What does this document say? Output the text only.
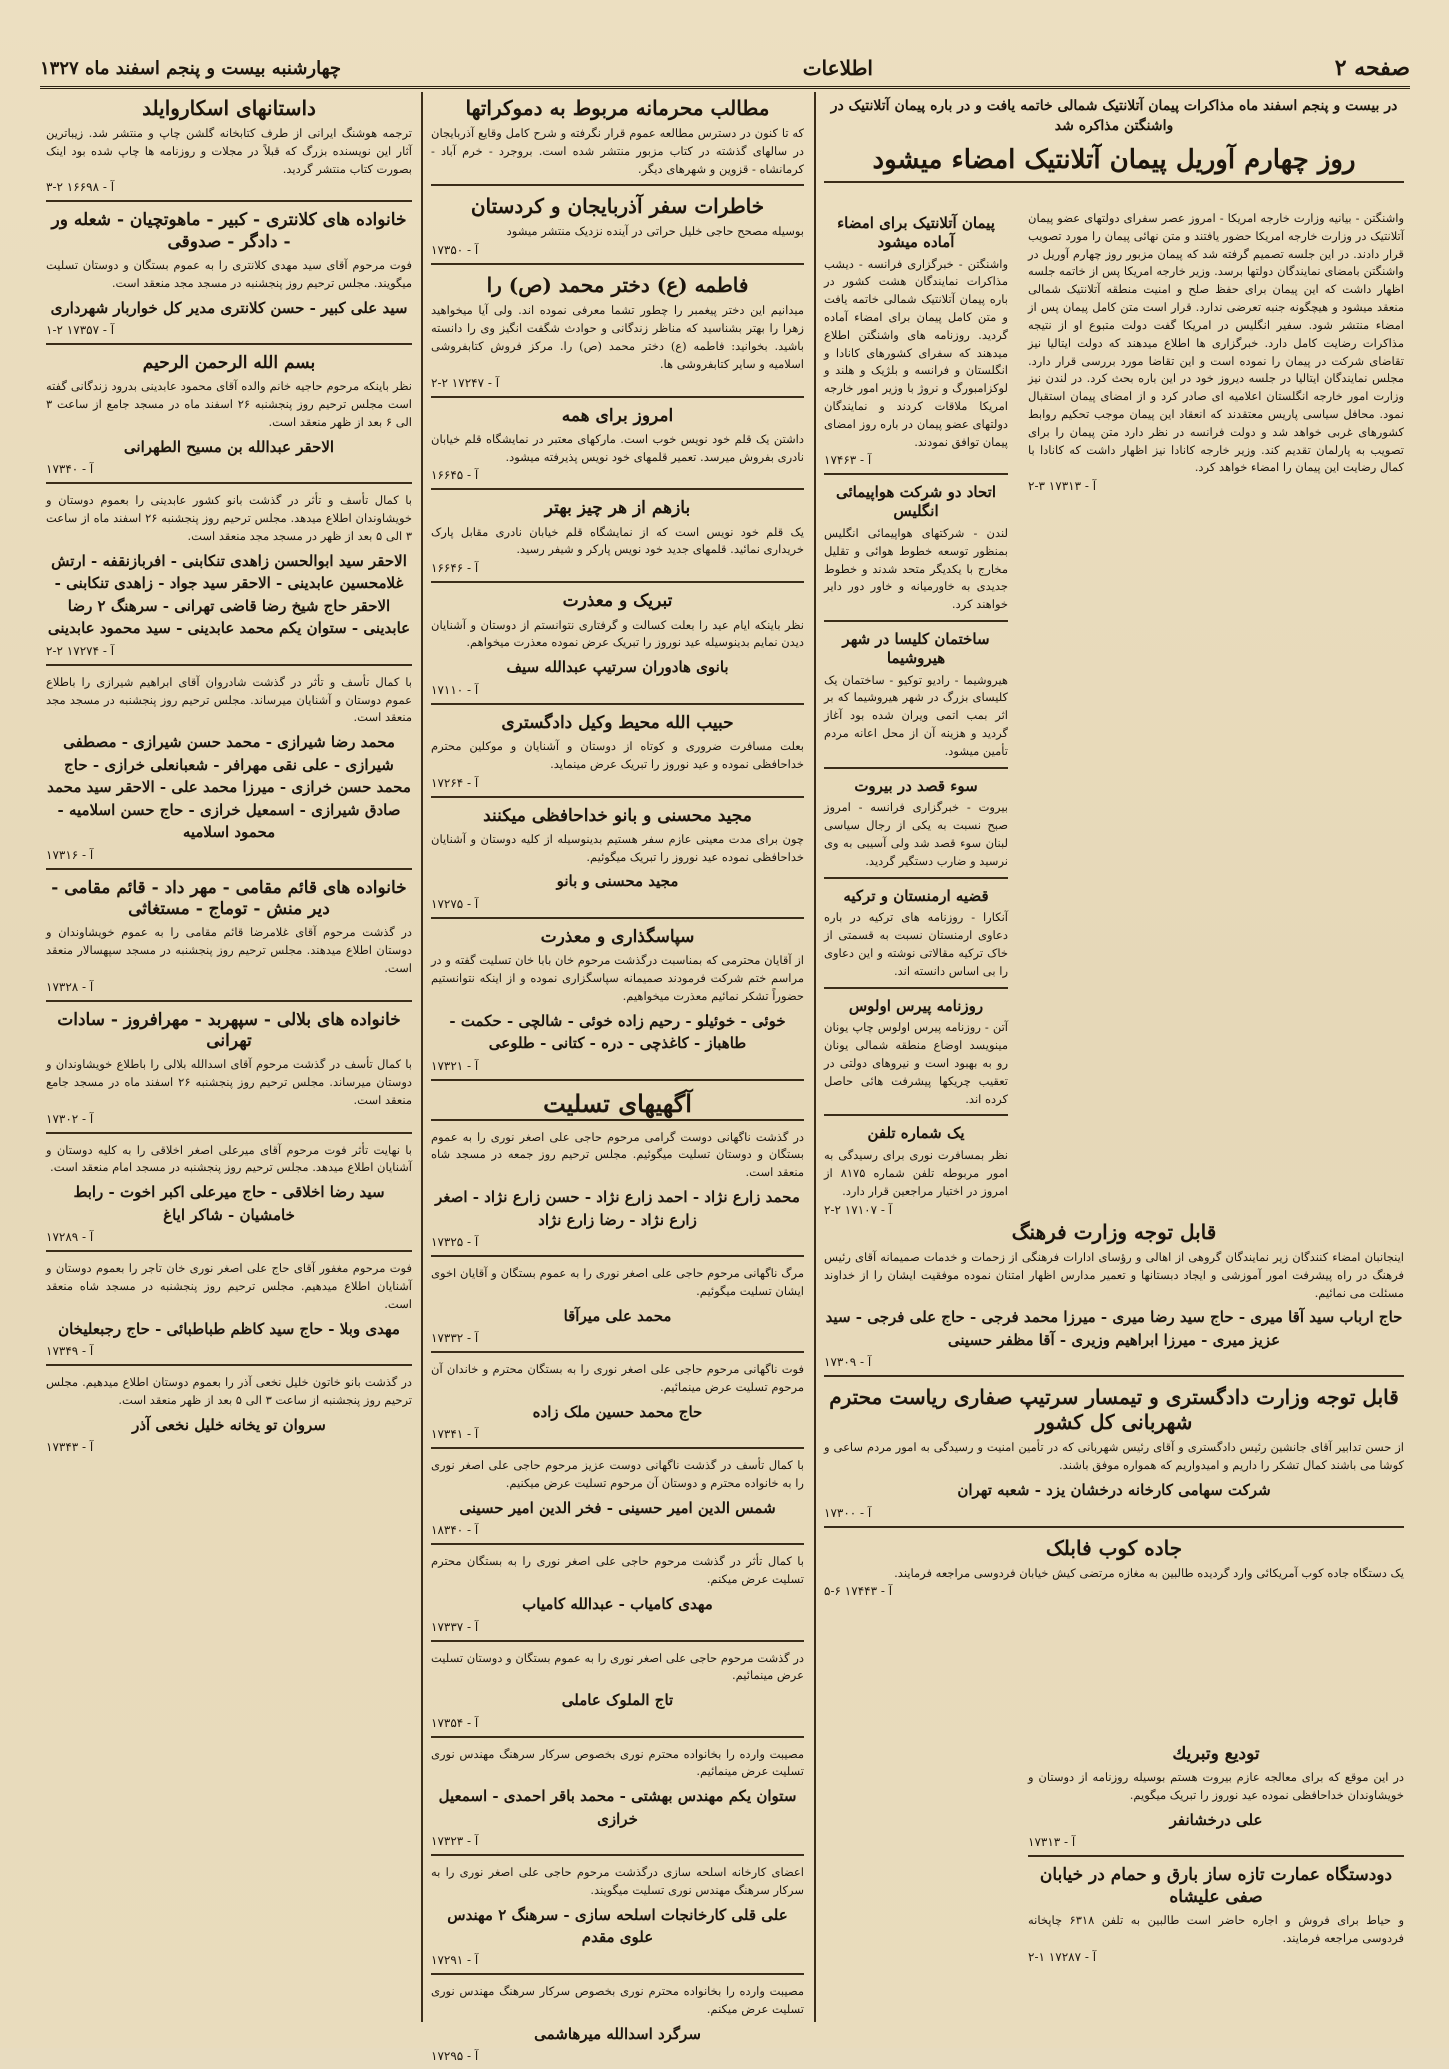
صفحه ۲
اطلاعات
چهارشنبه بیست و پنجم اسفند ماه ۱۳۲۷
در بیست و پنجم اسفند ماه مذاکرات پیمان آتلانتیک شمالی خاتمه یافت و در باره پیمان آتلانتیک در واشنگتن مذاکره شد
روز چهارم آوریل پیمان آتلانتیک امضاء میشود
واشنگتن - بیانیه وزارت خارجه امریکا - امروز عصر سفرای دولتهای عضو پیمان آتلانتیک در وزارت خارجه امریکا حضور یافتند و متن نهائی پیمان را مورد تصویب قرار دادند. در این جلسه تصمیم گرفته شد که پیمان مزبور روز چهارم آوریل در واشنگتن بامضای نمایندگان دولتها برسد. وزیر خارجه امریکا پس از خاتمه جلسه اظهار داشت که این پیمان برای حفظ صلح و امنیت منطقه آتلانتیک شمالی منعقد میشود و هیچگونه جنبه تعرضی ندارد. قرار است متن کامل پیمان پس از امضاء منتشر شود. سفیر انگلیس در امریکا گفت دولت متبوع او از نتیجه مذاکرات رضایت کامل دارد. خبرگزاری ها اطلاع میدهند که دولت ایتالیا نیز تقاضای شرکت در پیمان را نموده است و این تقاضا مورد بررسی قرار دارد. مجلس نمایندگان ایتالیا در جلسه دیروز خود در این باره بحث کرد. در لندن نیز وزارت امور خارجه انگلستان اعلامیه ای صادر کرد و از امضای پیمان استقبال نمود. محافل سیاسی پاریس معتقدند که انعقاد این پیمان موجب تحکیم روابط کشورهای غربی خواهد شد و دولت فرانسه در نظر دارد متن پیمان را برای تصویب به پارلمان تقدیم کند. وزیر خارجه کانادا نیز اظهار داشت که کانادا با کمال رضایت این پیمان را امضاء خواهد کرد.
آ - ۱۷۳۱۳ ۳-۲
پیمان آتلانتیک برای امضاء آماده میشود
واشنگتن - خبرگزاری فرانسه - دیشب مذاکرات نمایندگان هشت کشور در باره پیمان آتلانتیک شمالی خاتمه یافت و متن کامل پیمان برای امضاء آماده گردید. روزنامه های واشنگتن اطلاع میدهند که سفرای کشورهای کانادا و انگلستان و فرانسه و بلژیک و هلند و لوکزامبورگ و نروژ با وزیر امور خارجه امریکا ملاقات کردند و نمایندگان دولتهای عضو پیمان در باره روز امضای پیمان توافق نمودند.
آ - ۱۷۴۶۳
اتحاد دو شرکت هواپیمائی انگلیس
لندن - شرکتهای هواپیمائی انگلیس بمنظور توسعه خطوط هوائی و تقلیل مخارج با یکدیگر متحد شدند و خطوط جدیدی به خاورمیانه و خاور دور دایر خواهند کرد.
ساختمان کلیسا در شهر هیروشیما
هیروشیما - رادیو توکیو - ساختمان یک کلیسای بزرگ در شهر هیروشیما که بر اثر بمب اتمی ویران شده بود آغاز گردید و هزینه آن از محل اعانه مردم تأمین میشود.
سوء قصد در بیروت
بیروت - خبرگزاری فرانسه - امروز صبح نسبت به یکی از رجال سیاسی لبنان سوء قصد شد ولی آسیبی به وی نرسید و ضارب دستگیر گردید.
قضیه ارمنستان و ترکیه
آنکارا - روزنامه های ترکیه در باره دعاوی ارمنستان نسبت به قسمتی از خاک ترکیه مقالاتی نوشته و این دعاوی را بی اساس دانسته اند.
روزنامه پیرس اولوس
آتن - روزنامه پیرس اولوس چاپ یونان مینویسد اوضاع منطقه شمالی یونان رو به بهبود است و نیروهای دولتی در تعقیب چریکها پیشرفت هائی حاصل کرده اند.
یک شماره تلفن
نظر بمسافرت نوری برای رسیدگی به امور مربوطه تلفن شماره ۸۱۷۵ از امروز در اختیار مراجعین قرار دارد.
آ - ۱۷۱۰۷ ۲-۲
قابل توجه وزارت فرهنگ
اینجانبان امضاء کنندگان زیر نمایندگان گروهی از اهالی و رؤسای ادارات فرهنگی از زحمات و خدمات صمیمانه آقای رئیس فرهنگ در راه پیشرفت امور آموزشی و ایجاد دبستانها و تعمیر مدارس اظهار امتنان نموده موفقیت ایشان را از خداوند مسئلت می نمائیم.
حاج ارباب سید آقا میری - حاج سید رضا میری - میرزا محمد فرجی - حاج علی فرجی - سید عزیز میری - میرزا ابراهیم وزیری - آقا مظفر حسینی
آ - ۱۷۳۰۹
قابل توجه وزارت دادگستری و تیمسار سرتیپ صفاری ریاست محترم شهربانی کل کشور
از حسن تدابیر آقای جانشین رئیس دادگستری و آقای رئیس شهربانی که در تأمین امنیت و رسیدگی به امور مردم ساعی و کوشا می باشند کمال تشکر را داریم و امیدواریم که همواره موفق باشند.
شرکت سهامی کارخانه درخشان یزد - شعبه تهران
آ - ۱۷۳۰۰
جاده کوب فابلک
یک دستگاه جاده کوب آمریکائی وارد گردیده طالبین به مغازه مرتضی کیش خیابان فردوسی مراجعه فرمایند.
آ - ۱۷۴۴۳ ۶-۵
توديع وتبريك
در این موقع که برای معالجه عازم بیروت هستم بوسیله روزنامه از دوستان و خویشاوندان خداحافظی نموده عید نوروز را تبریک میگویم.
علی درخشانفر
آ - ۱۷۳۱۳
دودستگاه عمارت تازه ساز بارق و حمام در خیابان صفی علیشاه
و حیاط برای فروش و اجاره حاضر است طالبین به تلفن ۶۳۱۸ چاپخانه فردوسی مراجعه فرمایند.
آ - ۱۷۲۸۷ ۱-۲
مطالب محرمانه مربوط به دموکراتها
که تا کنون در دسترس مطالعه عموم قرار نگرفته و شرح کامل وقایع آذربایجان در سالهای گذشته در کتاب مزبور منتشر شده است. بروجرد - خرم آباد - کرمانشاه - قزوین و شهرهای دیگر.
خاطرات سفر آذربایجان و کردستان
بوسیله مصحح حاجی خلیل حراتی در آینده نزدیک منتشر میشود
آ - ۱۷۳۵۰
فاطمه (ع) دختر محمد (ص) را
میدانیم این دختر پیغمبر را چطور تشما معرفی نموده اند. ولی آیا میخواهید زهرا را بهتر بشناسید که مناظر زندگانی و حوادث شگفت انگیز وی را دانسته باشید. بخوانید: فاطمه (ع) دختر محمد (ص) را. مرکز فروش کتابفروشی اسلامیه و سایر کتابفروشی ها.
آ - ۱۷۲۴۷ ۲-۲
امروز برای همه
داشتن یک قلم خود نویس خوب است. مارکهای معتبر در نمایشگاه قلم خیابان نادری بفروش میرسد. تعمیر قلمهای خود نویس پذیرفته میشود.
آ - ۱۶۶۴۵
بازهم از هر چیز بهتر
یک قلم خود نویس است که از نمایشگاه قلم خیابان نادری مقابل پارک خریداری نمائید. قلمهای جدید خود نویس پارکر و شیفر رسید.
آ - ۱۶۶۴۶
تبریک و معذرت
نظر باینکه ایام عید را بعلت کسالت و گرفتاری نتوانستم از دوستان و آشنایان دیدن نمایم بدینوسیله عید نوروز را تبریک عرض نموده معذرت میخواهم.
بانوی هادوران سرتیپ عبدالله سیف
آ - ۱۷۱۱۰
حبیب الله محیط وکیل دادگستری
بعلت مسافرت ضروری و کوتاه از دوستان و آشنایان و موکلین محترم خداحافظی نموده و عید نوروز را تبریک عرض مینماید.
آ - ۱۷۲۶۴
مجید محسنی و بانو خداحافظی میکنند
چون برای مدت معینی عازم سفر هستیم بدینوسیله از کلیه دوستان و آشنایان خداحافظی نموده عید نوروز را تبریک میگوئیم.
مجید محسنی و بانو
آ - ۱۷۲۷۵
سپاسگذاری و معذرت
از آقایان محترمی که بمناسبت درگذشت مرحوم خان بابا خان تسلیت گفته و در مراسم ختم شرکت فرمودند صمیمانه سپاسگزاری نموده و از اینکه نتوانستیم حضوراً تشکر نمائیم معذرت میخواهیم.
خوئی - خوئیلو - رحیم زاده خوئی - شالچی - حکمت - طاهباز - کاغذچی - دره - کتانی - طلوعی
آ - ۱۷۳۲۱
آگهیهای تسلیت
در گذشت ناگهانی دوست گرامی مرحوم حاجی علی اصغر نوری را به عموم بستگان و دوستان تسلیت میگوئیم. مجلس ترحیم روز جمعه در مسجد شاه منعقد است.
محمد زارع نژاد - احمد زارع نژاد - حسن زارع نژاد - اصغر زارع نژاد - رضا زارع نژاد
آ - ۱۷۳۲۵
مرگ ناگهانی مرحوم حاجی علی اصغر نوری را به عموم بستگان و آقایان اخوی ایشان تسلیت میگوئیم.
محمد علی میرآقا
آ - ۱۷۳۳۲
فوت ناگهانی مرحوم حاجی علی اصغر نوری را به بستگان محترم و خاندان آن مرحوم تسلیت عرض مینمائیم.
حاج محمد حسین ملک زاده
آ - ۱۷۳۴۱
با کمال تأسف در گذشت ناگهانی دوست عزیز مرحوم حاجی علی اصغر نوری را به خانواده محترم و دوستان آن مرحوم تسلیت عرض میکنیم.
شمس الدین امیر حسینی - فخر الدین امیر حسینی
آ - ۱۸۳۴۰
با کمال تأثر در گذشت مرحوم حاجی علی اصغر نوری را به بستگان محترم تسلیت عرض میکنم.
مهدی کامیاب - عبدالله کامیاب
آ - ۱۷۳۳۷
در گذشت مرحوم حاجی علی اصغر نوری را به عموم بستگان و دوستان تسلیت عرض مینمائیم.
تاج الملوک عاملی
آ - ۱۷۳۵۴
مصیبت وارده را بخانواده محترم نوری بخصوص سرکار سرهنگ مهندس نوری تسلیت عرض مینمائیم.
ستوان یکم مهندس بهشتی - محمد باقر احمدی - اسمعیل خرازی
آ - ۱۷۳۲۳
اعضای کارخانه اسلحه سازی درگذشت مرحوم حاجی علی اصغر نوری را به سرکار سرهنگ مهندس نوری تسلیت میگویند.
علی قلی کارخانجات اسلحه سازی - سرهنگ ۲ مهندس علوی مقدم
آ - ۱۷۲۹۱
مصیبت وارده را بخانواده محترم نوری بخصوص سرکار سرهنگ مهندس نوری تسلیت عرض میکنم.
سرگرد اسدالله میرهاشمی
آ - ۱۷۲۹۵
داستانهای اسکاروایلد
ترجمه هوشنگ ایرانی از طرف کتابخانه گلشن چاپ و منتشر شد. زیباترین آثار این نویسنده بزرگ که قبلاً در مجلات و روزنامه ها چاپ شده بود اینک بصورت کتاب منتشر گردید.
آ - ۱۶۶۹۸ ۲-۳
خانواده های کلانتری - کبیر - ماهوتچیان - شعله ور - دادگر - صدوقی
فوت مرحوم آقای سید مهدی کلانتری را به عموم بستگان و دوستان تسلیت میگویند. مجلس ترحیم روز پنجشنبه در مسجد مجد منعقد است.
سید علی کبیر - حسن کلانتری مدیر کل خواربار شهرداری
آ - ۱۷۳۵۷ ۲-۱
بسم الله الرحمن الرحیم
نظر باینکه مرحوم حاجیه خانم والده آقای محمود عابدینی بدرود زندگانی گفته است مجلس ترحیم روز پنجشنبه ۲۶ اسفند ماه در مسجد جامع از ساعت ۳ الی ۶ بعد از ظهر منعقد است.
الاحقر عبدالله بن مسیح الطهرانی
آ - ۱۷۳۴۰
با کمال تأسف و تأثر در گذشت بانو کشور عابدینی را بعموم دوستان و خویشاوندان اطلاع میدهد. مجلس ترحیم روز پنجشنبه ۲۶ اسفند ماه از ساعت ۳ الی ۵ بعد از ظهر در مسجد مجد منعقد است.
الاحقر سید ابوالحسن زاهدی تنکابنی - افربازنقفه - ارتش غلامحسین عابدینی - الاحقر سید جواد - زاهدی تنکابنی - الاحقر حاج شیخ رضا قاضی تهرانی - سرهنگ ۲ رضا عابدینی - ستوان یکم محمد عابدینی - سید محمود عابدینی
آ - ۱۷۲۷۴ ۲-۲
با کمال تأسف و تأثر در گذشت شادروان آقای ابراهیم شیرازی را باطلاع عموم دوستان و آشنایان میرساند. مجلس ترحیم روز پنجشنبه در مسجد مجد منعقد است.
محمد رضا شیرازی - محمد حسن شیرازی - مصطفی شیرازی - علی نقی مهرافر - شعبانعلی خرازی - حاج محمد حسن خرازی - میرزا محمد علی - الاحقر سید محمد صادق شیرازی - اسمعیل خرازی - حاج حسن اسلامیه - محمود اسلامیه
آ - ۱۷۳۱۶
خانواده های قائم مقامی - مهر داد - قائم مقامی - دیر منش - توماج - مستغاثی
در گذشت مرحوم آقای غلامرضا قائم مقامی را به عموم خویشاوندان و دوستان اطلاع میدهند. مجلس ترحیم روز پنجشنبه در مسجد سپهسالار منعقد است.
آ - ۱۷۳۲۸
خانواده های بلالی - سپهربد - مهرافروز - سادات تهرانی
با کمال تأسف در گذشت مرحوم آقای اسدالله بلالی را باطلاع خویشاوندان و دوستان میرساند. مجلس ترحیم روز پنجشنبه ۲۶ اسفند ماه در مسجد جامع منعقد است.
آ - ۱۷۳۰۲
با نهایت تأثر فوت مرحوم آقای میرعلی اصغر اخلاقی را به کلیه دوستان و آشنایان اطلاع میدهد. مجلس ترحیم روز پنجشنبه در مسجد امام منعقد است.
سید رضا اخلاقی - حاج میرعلی اکبر اخوت - رابط خامشیان - شاکر ایاغ
آ - ۱۷۲۸۹
فوت مرحوم مغفور آقای حاج علی اصغر نوری خان تاجر را بعموم دوستان و آشنایان اطلاع میدهیم. مجلس ترحیم روز پنجشنبه در مسجد شاه منعقد است.
مهدی وبلا - حاج سید کاظم طباطبائی - حاج رجبعلیخان
آ - ۱۷۳۴۹
در گذشت بانو خاتون خلیل نخعی آذر را بعموم دوستان اطلاع میدهیم. مجلس ترحیم روز پنجشنبه از ساعت ۳ الی ۵ بعد از ظهر منعقد است.
سروان تو یخانه خلیل نخعی آذر
آ - ۱۷۳۴۳
